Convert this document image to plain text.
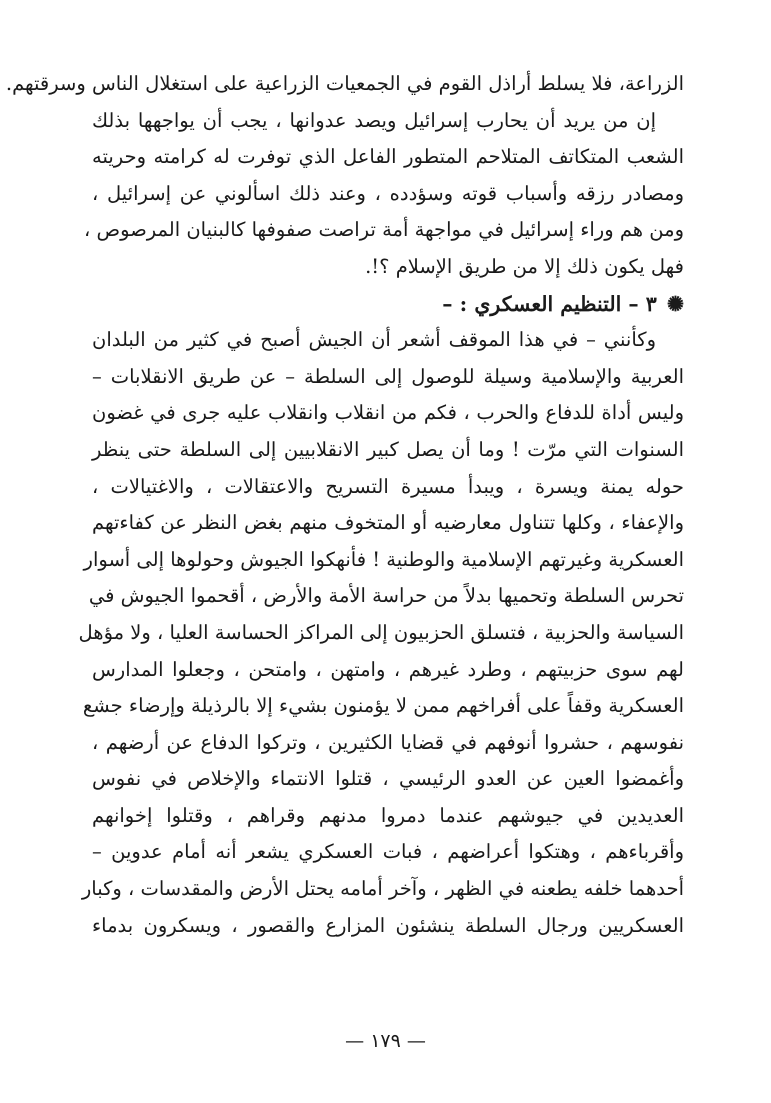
الزراعة، فلا يسلط أراذل القوم في الجمعيات الزراعية على استغلال الناس وسرقتهم.
إن من يريد أن يحارب إسرائيل ويصد عدوانها ، يجب أن يواجهها بذلك
الشعب المتكاتف المتلاحم المتطور الفاعل الذي توفرت له كرامته وحريته
ومصادر رزقه وأسباب قوته وسؤدده ، وعند ذلك اسألوني عن إسرائيل ،
ومن هم وراء إسرائيل في مواجهة أمة تراصت صفوفها كالبنيان المرصوص ،
فهل يكون ذلك إلا من طريق الإسلام ؟!.
✺٣ – التنظيم العسكري : –
وكأنني – في هذا الموقف أشعر أن الجيش أصبح في كثير من البلدان
العربية والإسلامية وسيلة للوصول إلى السلطة – عن طريق الانقلابات –
وليس أداة للدفاع والحرب ، فكم من انقلاب وانقلاب عليه جرى في غضون
السنوات التي مرّت ! وما أن يصل كبير الانقلابيين إلى السلطة حتى ينظر
حوله يمنة ويسرة ، ويبدأ مسيرة التسريح والاعتقالات ، والاغتيالات ،
والإعفاء ، وكلها تتناول معارضيه أو المتخوف منهم بغض النظر عن كفاءتهم
العسكرية وغيرتهم الإسلامية والوطنية ! فأنهكوا الجيوش وحولوها إلى أسوار
تحرس السلطة وتحميها بدلاً من حراسة الأمة والأرض ، أقحموا الجيوش في
السياسة والحزبية ، فتسلق الحزبيون إلى المراكز الحساسة العليا ، ولا مؤهل
لهم سوى حزبيتهم ، وطرد غيرهم ، وامتهن ، وامتحن ، وجعلوا المدارس
العسكرية وقفاً على أفراخهم ممن لا يؤمنون بشيء إلا بالرذيلة وإرضاء جشع
نفوسهم ، حشروا أنوفهم في قضايا الكثيرين ، وتركوا الدفاع عن أرضهم ،
وأغمضوا العين عن العدو الرئيسي ، قتلوا الانتماء والإخلاص في نفوس
العديدين في جيوشهم عندما دمروا مدنهم وقراهم ، وقتلوا إخوانهم
وأقرباءهم ، وهتكوا أعراضهم ، فبات العسكري يشعر أنه أمام عدوين –
أحدهما خلفه يطعنه في الظهر ، وآخر أمامه يحتل الأرض والمقدسات ، وكبار
العسكريين ورجال السلطة ينشئون المزارع والقصور ، ويسكرون بدماء
— ١٧٩ —
